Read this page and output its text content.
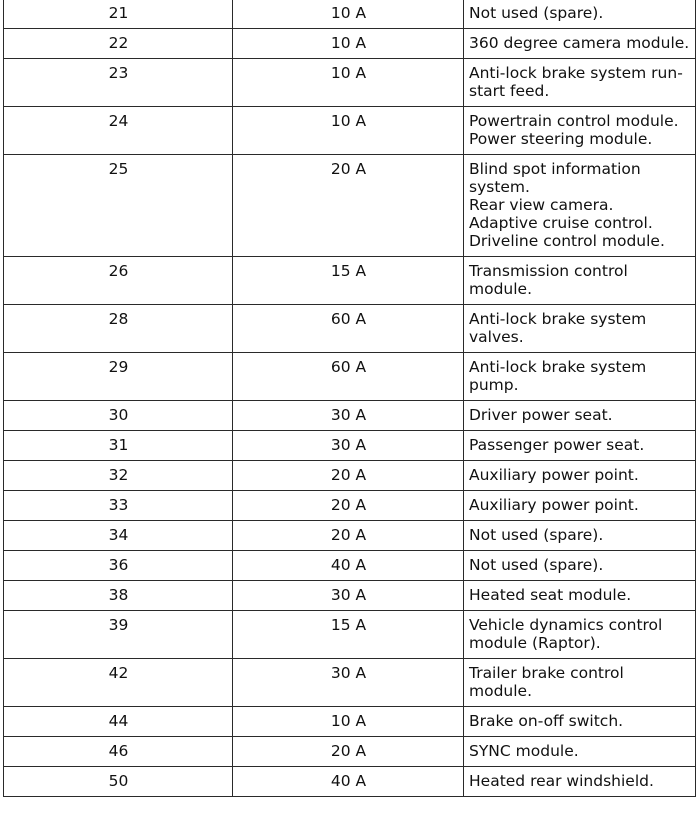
21	10 A	Not used (spare).

22	10 A	360 degree camera module.

23	10 A	Anti-lock brake system run-start feed.

24	10 A	Powertrain control module.
Power steering module.

25	20 A	Blind spot information system.
Rear view camera.
Adaptive cruise control.
Driveline control module.

26	15 A	Transmission control module.

28	60 A	Anti-lock brake system valves.

29	60 A	Anti-lock brake system pump.

30	30 A	Driver power seat.

31	30 A	Passenger power seat.

32	20 A	Auxiliary power point.

33	20 A	Auxiliary power point.

34	20 A	Not used (spare).

36	40 A	Not used (spare).

38	30 A	Heated seat module.

39	15 A	Vehicle dynamics control module (Raptor).

42	30 A	Trailer brake control module.

44	10 A	Brake on-off switch.

46	20 A	SYNC module.

50	40 A	Heated rear windshield.
